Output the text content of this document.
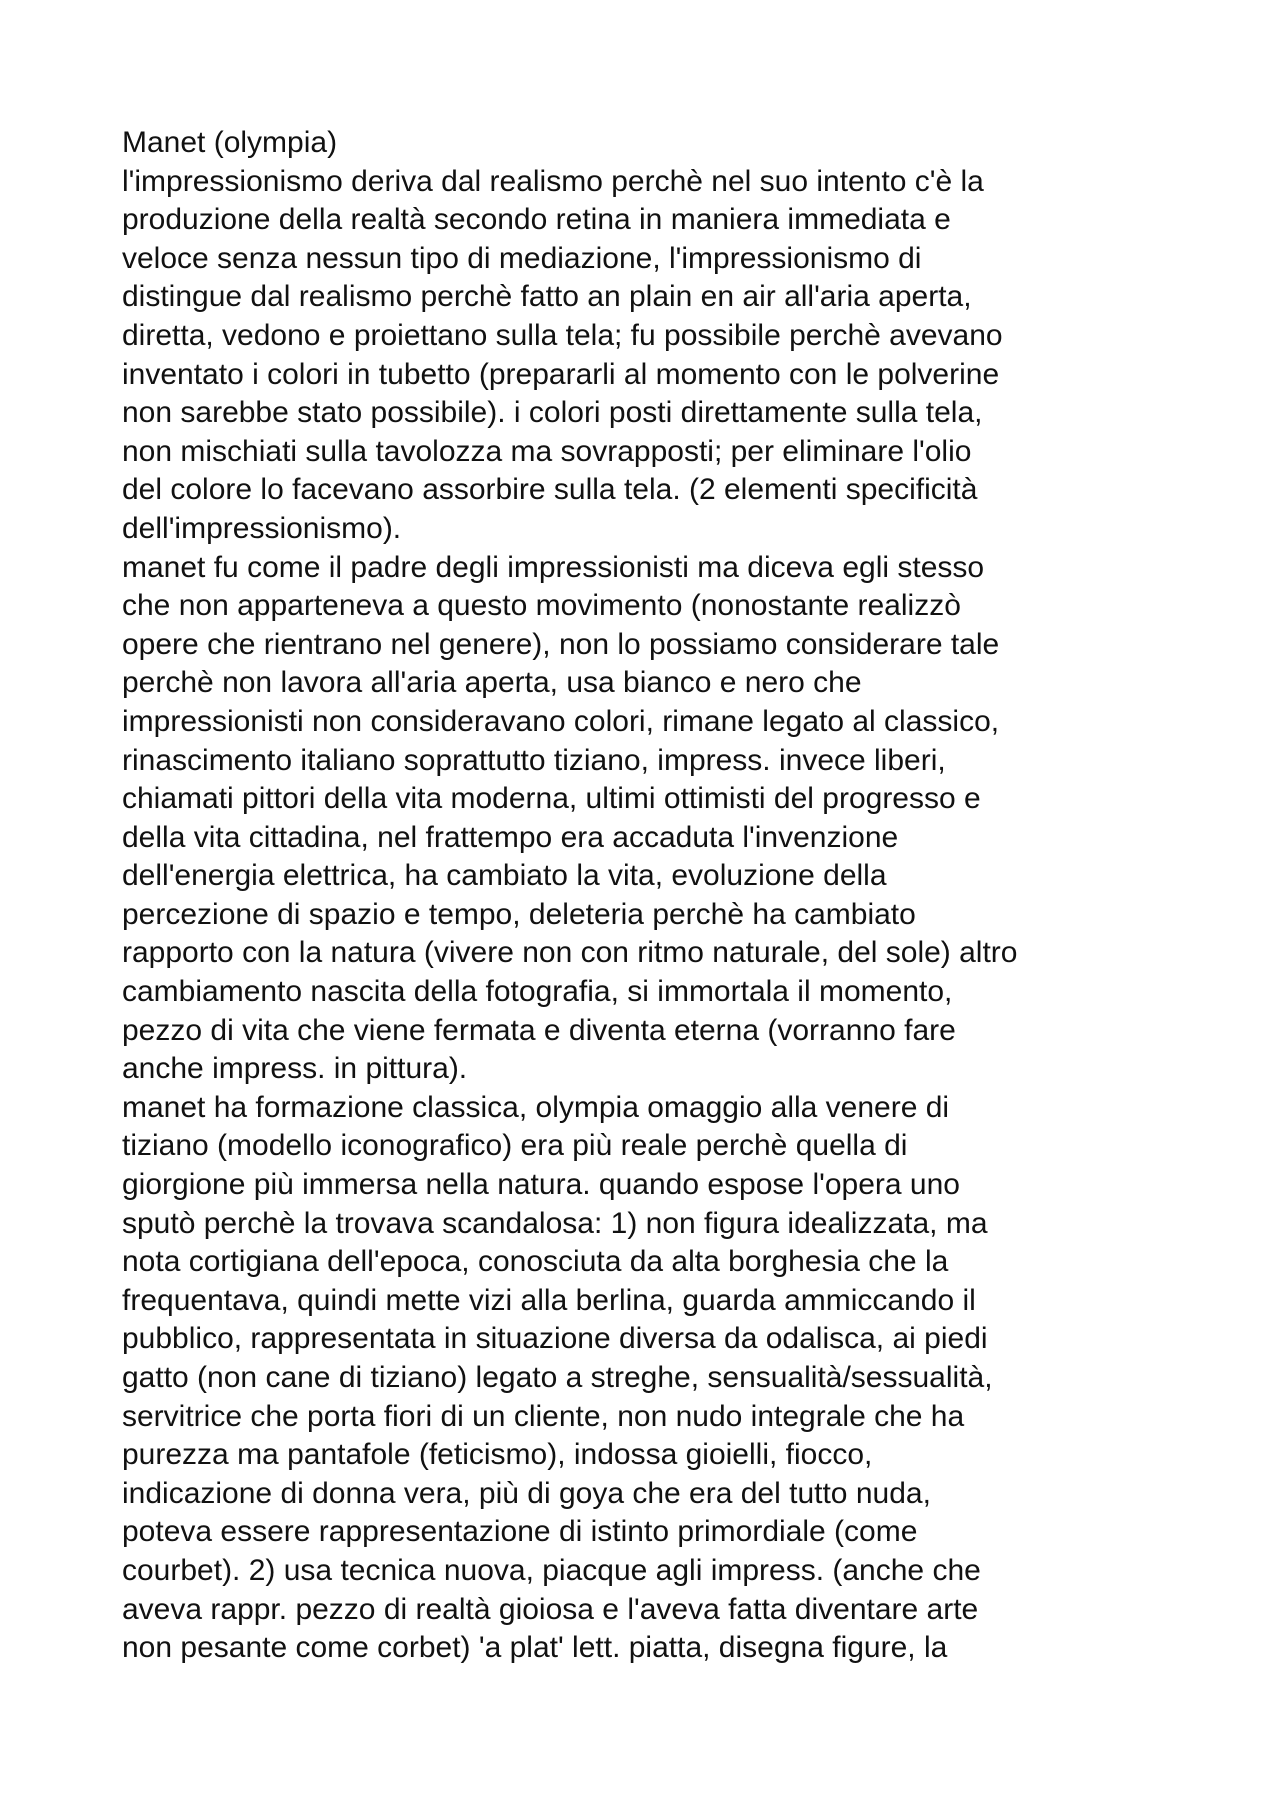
Manet (olympia)
l'impressionismo deriva dal realismo perchè nel suo intento c'è la
produzione della realtà secondo retina in maniera immediata e
veloce senza nessun tipo di mediazione, l'impressionismo di
distingue dal realismo perchè fatto an plain en air all'aria aperta,
diretta, vedono e proiettano sulla tela; fu possibile perchè avevano
inventato i colori in tubetto (prepararli al momento con le polverine
non sarebbe stato possibile). i colori posti direttamente sulla tela,
non mischiati sulla tavolozza ma sovrapposti; per eliminare l'olio
del colore lo facevano assorbire sulla tela. (2 elementi specificità
dell'impressionismo).
manet fu come il padre degli impressionisti ma diceva egli stesso
che non apparteneva a questo movimento (nonostante realizzò
opere che rientrano nel genere), non lo possiamo considerare tale
perchè non lavora all'aria aperta, usa bianco e nero che
impressionisti non consideravano colori, rimane legato al classico,
rinascimento italiano soprattutto tiziano, impress. invece liberi,
chiamati pittori della vita moderna, ultimi ottimisti del progresso e
della vita cittadina, nel frattempo era accaduta l'invenzione
dell'energia elettrica, ha cambiato la vita, evoluzione della
percezione di spazio e tempo, deleteria perchè ha cambiato
rapporto con la natura (vivere non con ritmo naturale, del sole) altro
cambiamento nascita della fotografia, si immortala il momento,
pezzo di vita che viene fermata e diventa eterna (vorranno fare
anche impress. in pittura).
manet ha formazione classica, olympia omaggio alla venere di
tiziano (modello iconografico) era più reale perchè quella di
giorgione più immersa nella natura. quando espose l'opera uno
sputò perchè la trovava scandalosa: 1) non figura idealizzata, ma
nota cortigiana dell'epoca, conosciuta da alta borghesia che la
frequentava, quindi mette vizi alla berlina, guarda ammiccando il
pubblico, rappresentata in situazione diversa da odalisca, ai piedi
gatto (non cane di tiziano) legato a streghe, sensualità/sessualità,
servitrice che porta fiori di un cliente, non nudo integrale che ha
purezza ma pantafole (feticismo), indossa gioielli, fiocco,
indicazione di donna vera, più di goya che era del tutto nuda,
poteva essere rappresentazione di istinto primordiale (come
courbet). 2) usa tecnica nuova, piacque agli impress. (anche che
aveva rappr. pezzo di realtà gioiosa e l'aveva fatta diventare arte
non pesante come corbet) 'a plat' lett. piatta, disegna figure, la
